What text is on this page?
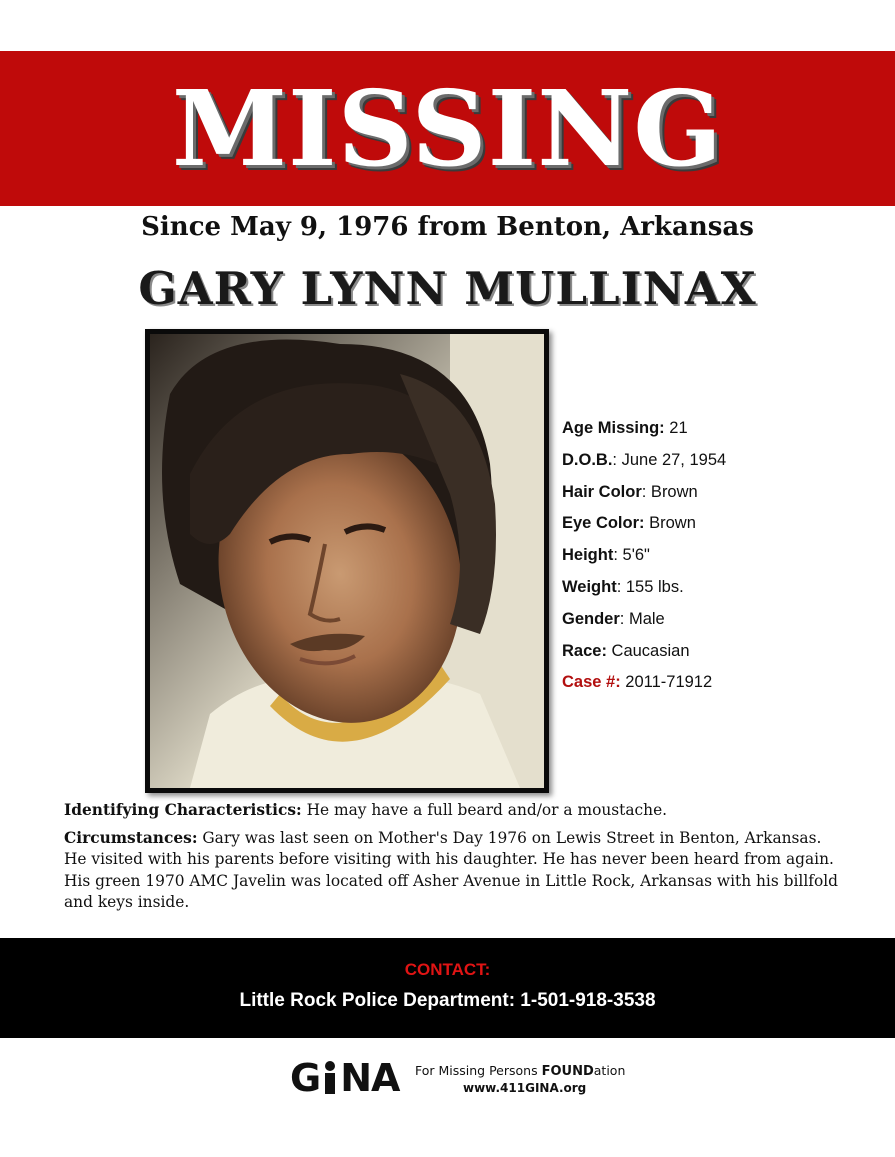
MISSING
Since May 9, 1976 from Benton, Arkansas
GARY LYNN MULLINAX
Age Missing: 21
D.O.B.: June 27, 1954
Hair Color: Brown
Eye Color: Brown
Height: 5'6"
Weight: 155 lbs.
Gender: Male
Race: Caucasian
Case #: 2011-71912

Identifying Characteristics: He may have a full beard and/or a moustache.

Circumstances: Gary was last seen on Mother's Day 1976 on Lewis Street in Benton, Arkansas. He visited with his parents before visiting with his daughter. He has never been heard from again. His green 1970 AMC Javelin was located off Asher Avenue in Little Rock, Arkansas with his billfold and keys inside.

CONTACT:
Little Rock Police Department: 1-501-918-3538
G NA For Missing Persons FOUNDation
www.411GINA.org
